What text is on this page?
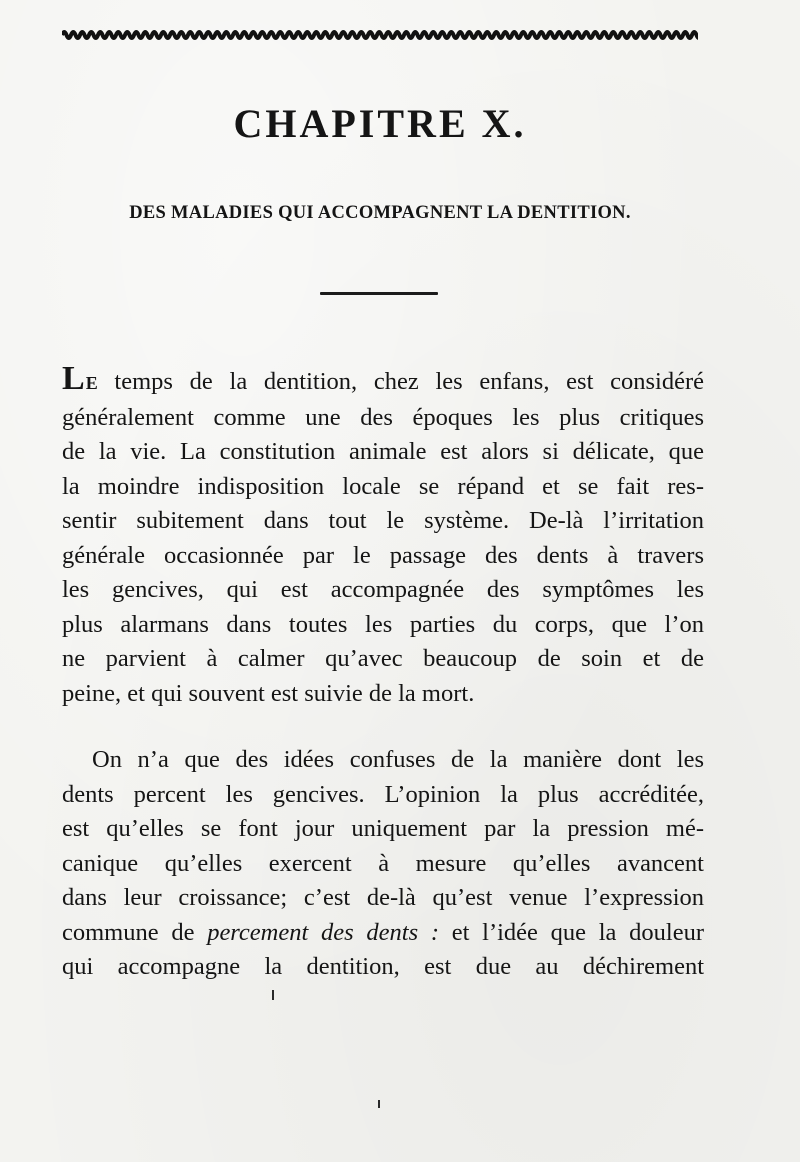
CHAPITRE X.
DES MALADIES QUI ACCOMPAGNENT LA DENTITION.
LE temps de la dentition, chez les enfans, est considéré
généralement comme une des époques les plus critiques
de la vie. La constitution animale est alors si délicate, que
la moindre indisposition locale se répand et se fait res-
sentir subitement dans tout le système. De-là l’irritation
générale occasionnée par le passage des dents à travers
les gencives, qui est accompagnée des symptômes les
plus alarmans dans toutes les parties du corps, que l’on
ne parvient à calmer qu’avec beaucoup de soin et de
peine, et qui souvent est suivie de la mort.
On n’a que des idées confuses de la manière dont les
dents percent les gencives. L’opinion la plus accréditée,
est qu’elles se font jour uniquement par la pression mé-
canique qu’elles exercent à mesure qu’elles avancent
dans leur croissance; c’est de-là qu’est venue l’expression
commune de percement des dents : et l’idée que la douleur
qui accompagne la dentition, est due au déchirement
